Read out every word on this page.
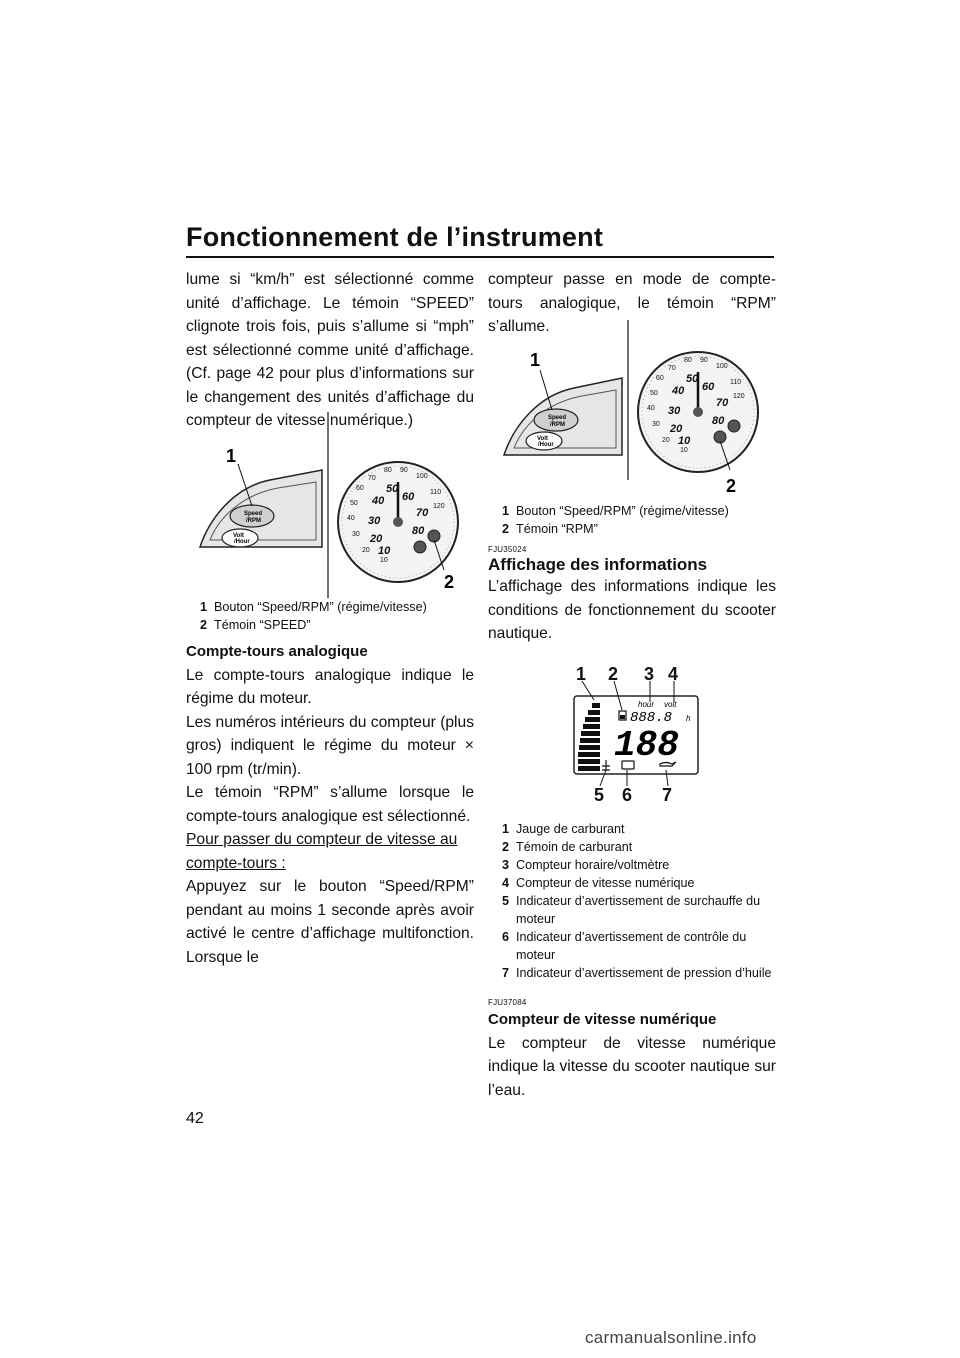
Fonctionnement de l’instrument

lume si “km/h” est sélectionné comme unité d’affichage. Le témoin “SPEED” clignote trois fois, puis s’allume si “mph” est sélectionné comme unité d’affichage. (Cf. page 42 pour plus d’informations sur le changement des unités d’affichage du compteur de vitesse numérique.)

Speed
/RPM
Volt
/Hour
1
80 90
100
70
60
50
40
110
120
30
20
10
50
60
40
70
30
80
20
10
2
1 Bouton “Speed/RPM” (régime/vitesse)
2 Témoin “SPEED”
Compte-tours analogique

Le compte-tours analogique indique le régime du moteur.

Les numéros intérieurs du compteur (plus gros) indiquent le régime du moteur × 100 rpm (tr/min).

Le témoin “RPM” s’allume lorsque le compte-tours analogique est sélectionné.

Pour passer du compteur de vitesse au compte-tours :

Appuyez sur le bouton “Speed/RPM” pendant au moins 1 seconde après avoir activé le centre d’affichage multifonction. Lorsque le

compteur passe en mode de compte-tours analogique, le témoin “RPM” s’allume.

Speed
/RPM
Volt
/Hour
1	80 90
100
70
60
50
40
110
120
30
20
10
50
60
40
70
30
80
20
10
2
1 Bouton “Speed/RPM” (régime/vitesse)
2 Témoin “RPM”
FJU35024
Affichage des informations

L’affichage des informations indique les conditions de fonctionnement du scooter nautique.

1 2 3 4
5 6 7
hour volt
888.8 h
188
1 Jauge de carburant
2 Témoin de carburant
3 Compteur horaire/voltmètre
4 Compteur de vitesse numérique
5 Indicateur d’avertissement de surchauffe du moteur
6 Indicateur d’avertissement de contrôle du moteur
7 Indicateur d’avertissement de pression d’huile
FJU37084
Compteur de vitesse numérique

Le compteur de vitesse numérique indique la vitesse du scooter nautique sur l’eau.

42
carmanualsonline.info
